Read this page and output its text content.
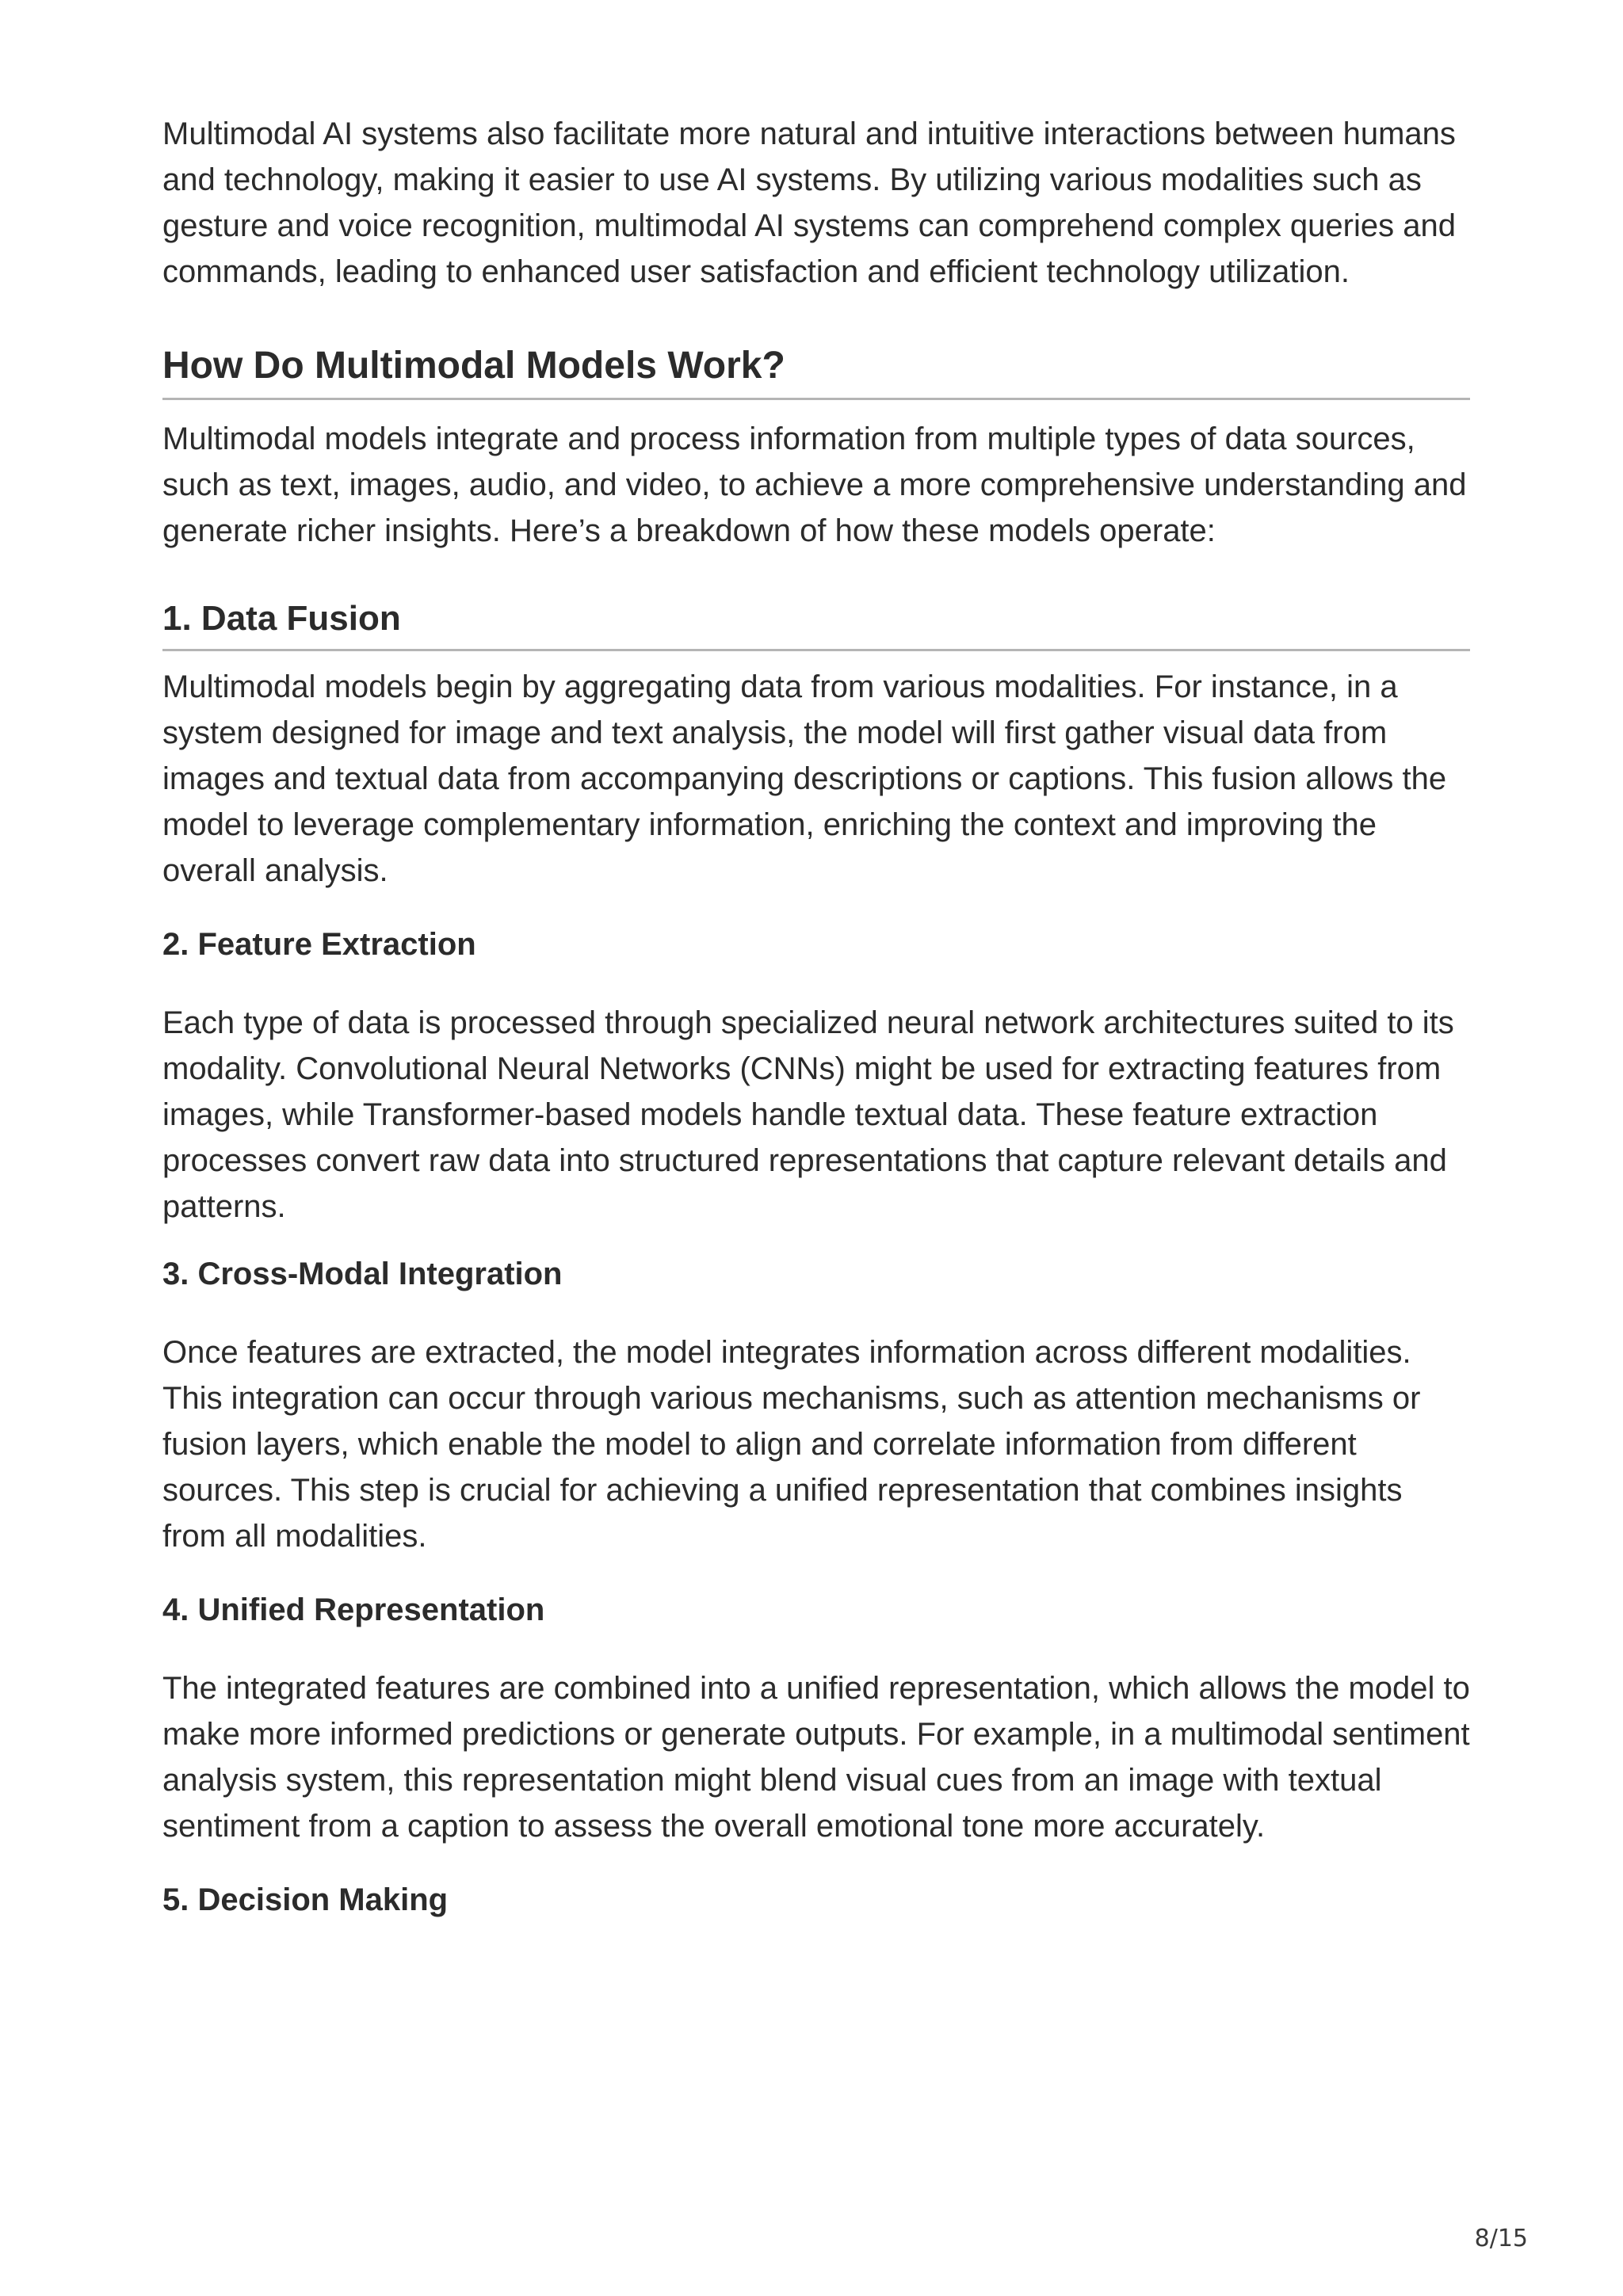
Multimodal AI systems also facilitate more natural and intuitive interactions between humans and technology, making it easier to use AI systems. By utilizing various modalities such as gesture and voice recognition, multimodal AI systems can comprehend complex queries and commands, leading to enhanced user satisfaction and efficient technology utilization.

How Do Multimodal Models Work?

Multimodal models integrate and process information from multiple types of data sources, such as text, images, audio, and video, to achieve a more comprehensive understanding and generate richer insights. Here’s a breakdown of how these models operate:

1. Data Fusion

Multimodal models begin by aggregating data from various modalities. For instance, in a system designed for image and text analysis, the model will first gather visual data from images and textual data from accompanying descriptions or captions. This fusion allows the model to leverage complementary information, enriching the context and improving the overall analysis.

2. Feature Extraction

Each type of data is processed through specialized neural network architectures suited to its modality. Convolutional Neural Networks (CNNs) might be used for extracting features from images, while Transformer-based models handle textual data. These feature extraction processes convert raw data into structured representations that capture relevant details and patterns.

3. Cross-Modal Integration

Once features are extracted, the model integrates information across different modalities. This integration can occur through various mechanisms, such as attention mechanisms or fusion layers, which enable the model to align and correlate information from different sources. This step is crucial for achieving a unified representation that combines insights from all modalities.

4. Unified Representation

The integrated features are combined into a unified representation, which allows the model to make more informed predictions or generate outputs. For example, in a multimodal sentiment analysis system, this representation might blend visual cues from an image with textual sentiment from a caption to assess the overall emotional tone more accurately.

5. Decision Making
8/15
